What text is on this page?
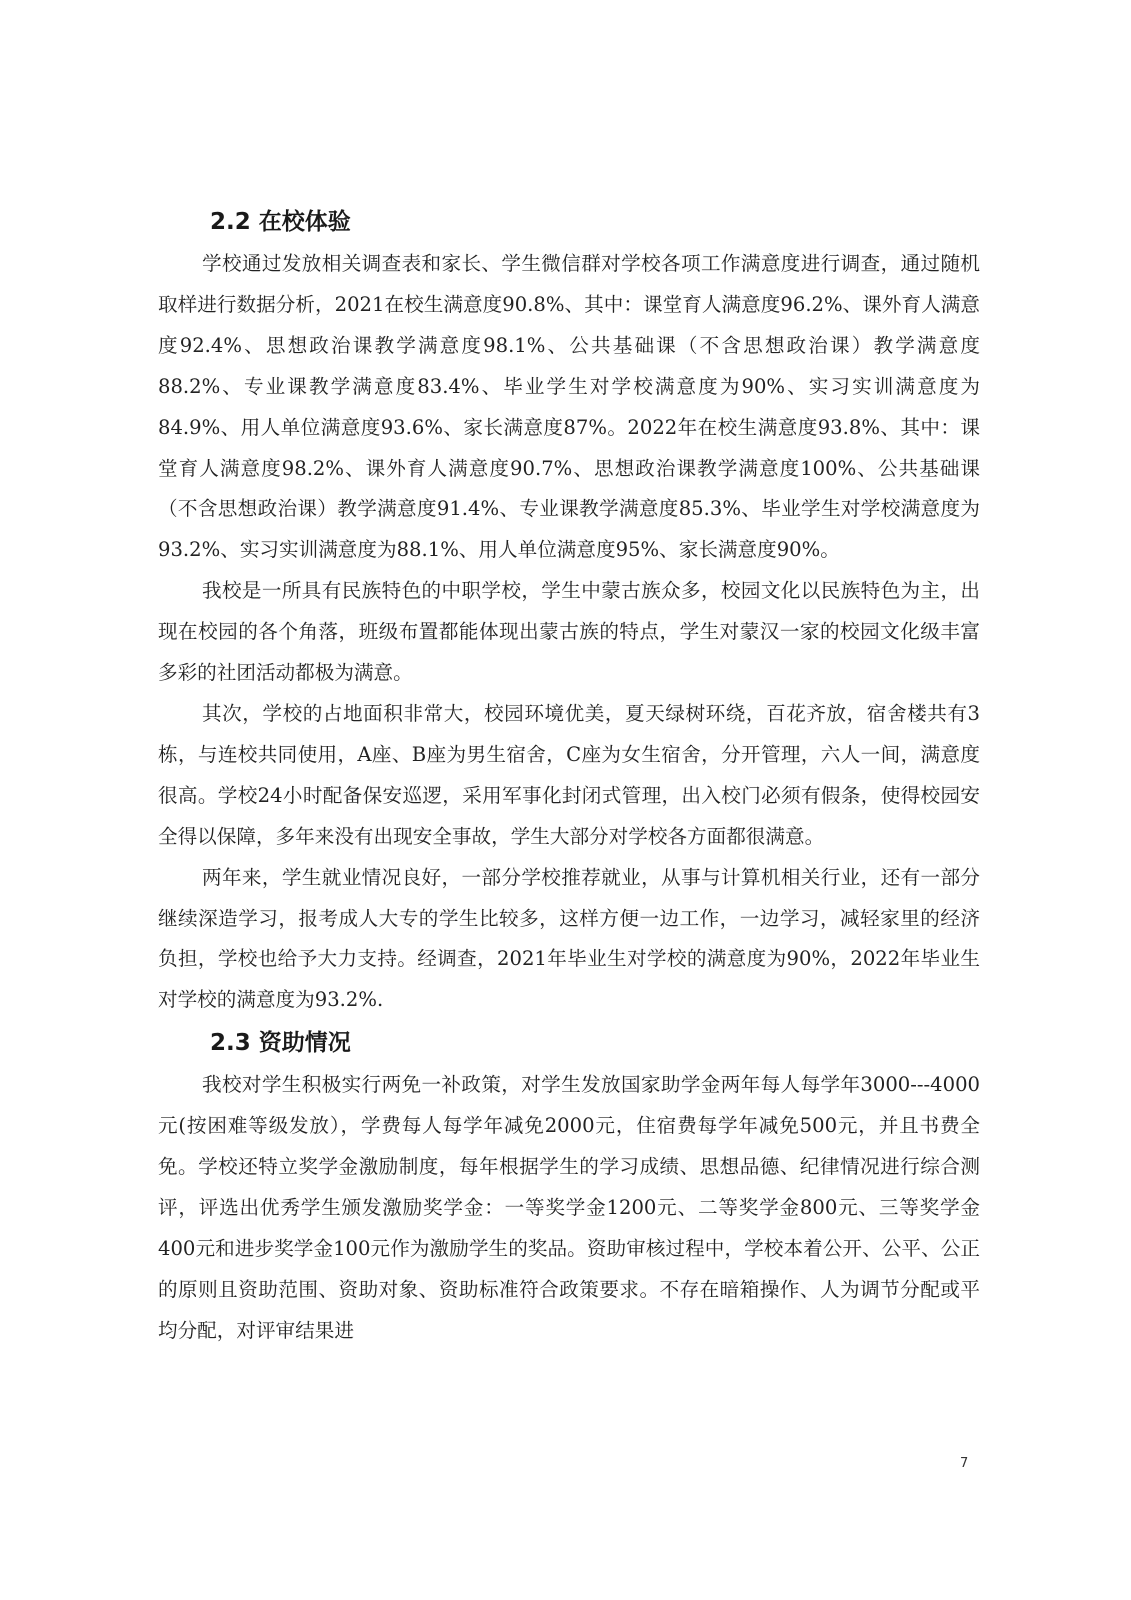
2.2 在校体验

学校通过发放相关调查表和家长、学生微信群对学校各项工作满意度进行调查，通过随机取样进行数据分析，2021在校生满意度90.8%、其中：课堂育人满意度96.2%、课外育人满意度92.4%、思想政治课教学满意度98.1%、公共基础课（不含思想政治课）教学满意度88.2%、专业课教学满意度83.4%、毕业学生对学校满意度为90%、实习实训满意度为84.9%、用人单位满意度93.6%、家长满意度87%。2022年在校生满意度93.8%、其中：课堂育人满意度98.2%、课外育人满意度90.7%、思想政治课教学满意度100%、公共基础课（不含思想政治课）教学满意度91.4%、专业课教学满意度85.3%、毕业学生对学校满意度为93.2%、实习实训满意度为88.1%、用人单位满意度95%、家长满意度90%。

我校是一所具有民族特色的中职学校，学生中蒙古族众多，校园文化以民族特色为主，出现在校园的各个角落，班级布置都能体现出蒙古族的特点，学生对蒙汉一家的校园文化级丰富多彩的社团活动都极为满意。

其次，学校的占地面积非常大，校园环境优美，夏天绿树环绕，百花齐放，宿舍楼共有3栋，与连校共同使用，A座、B座为男生宿舍，C座为女生宿舍，分开管理，六人一间，满意度很高。学校24小时配备保安巡逻，采用军事化封闭式管理，出入校门必须有假条，使得校园安全得以保障，多年来没有出现安全事故，学生大部分对学校各方面都很满意。

两年来，学生就业情况良好，一部分学校推荐就业，从事与计算机相关行业，还有一部分继续深造学习，报考成人大专的学生比较多，这样方便一边工作，一边学习，减轻家里的经济负担，学校也给予大力支持。经调查，2021年毕业生对学校的满意度为90%，2022年毕业生对学校的满意度为93.2%.

2.3 资助情况

我校对学生积极实行两免一补政策，对学生发放国家助学金两年每人每学年3000---4000元(按困难等级发放），学费每人每学年减免2000元，住宿费每学年减免500元，并且书费全免。学校还特立奖学金激励制度，每年根据学生的学习成绩、思想品德、纪律情况进行综合测评，评选出优秀学生颁发激励奖学金：一等奖学金1200元、二等奖学金800元、三等奖学金400元和进步奖学金100元作为激励学生的奖品。资助审核过程中，学校本着公开、公平、公正的原则且资助范围、资助对象、资助标准符合政策要求。不存在暗箱操作、人为调节分配或平均分配，对评审结果进

7
